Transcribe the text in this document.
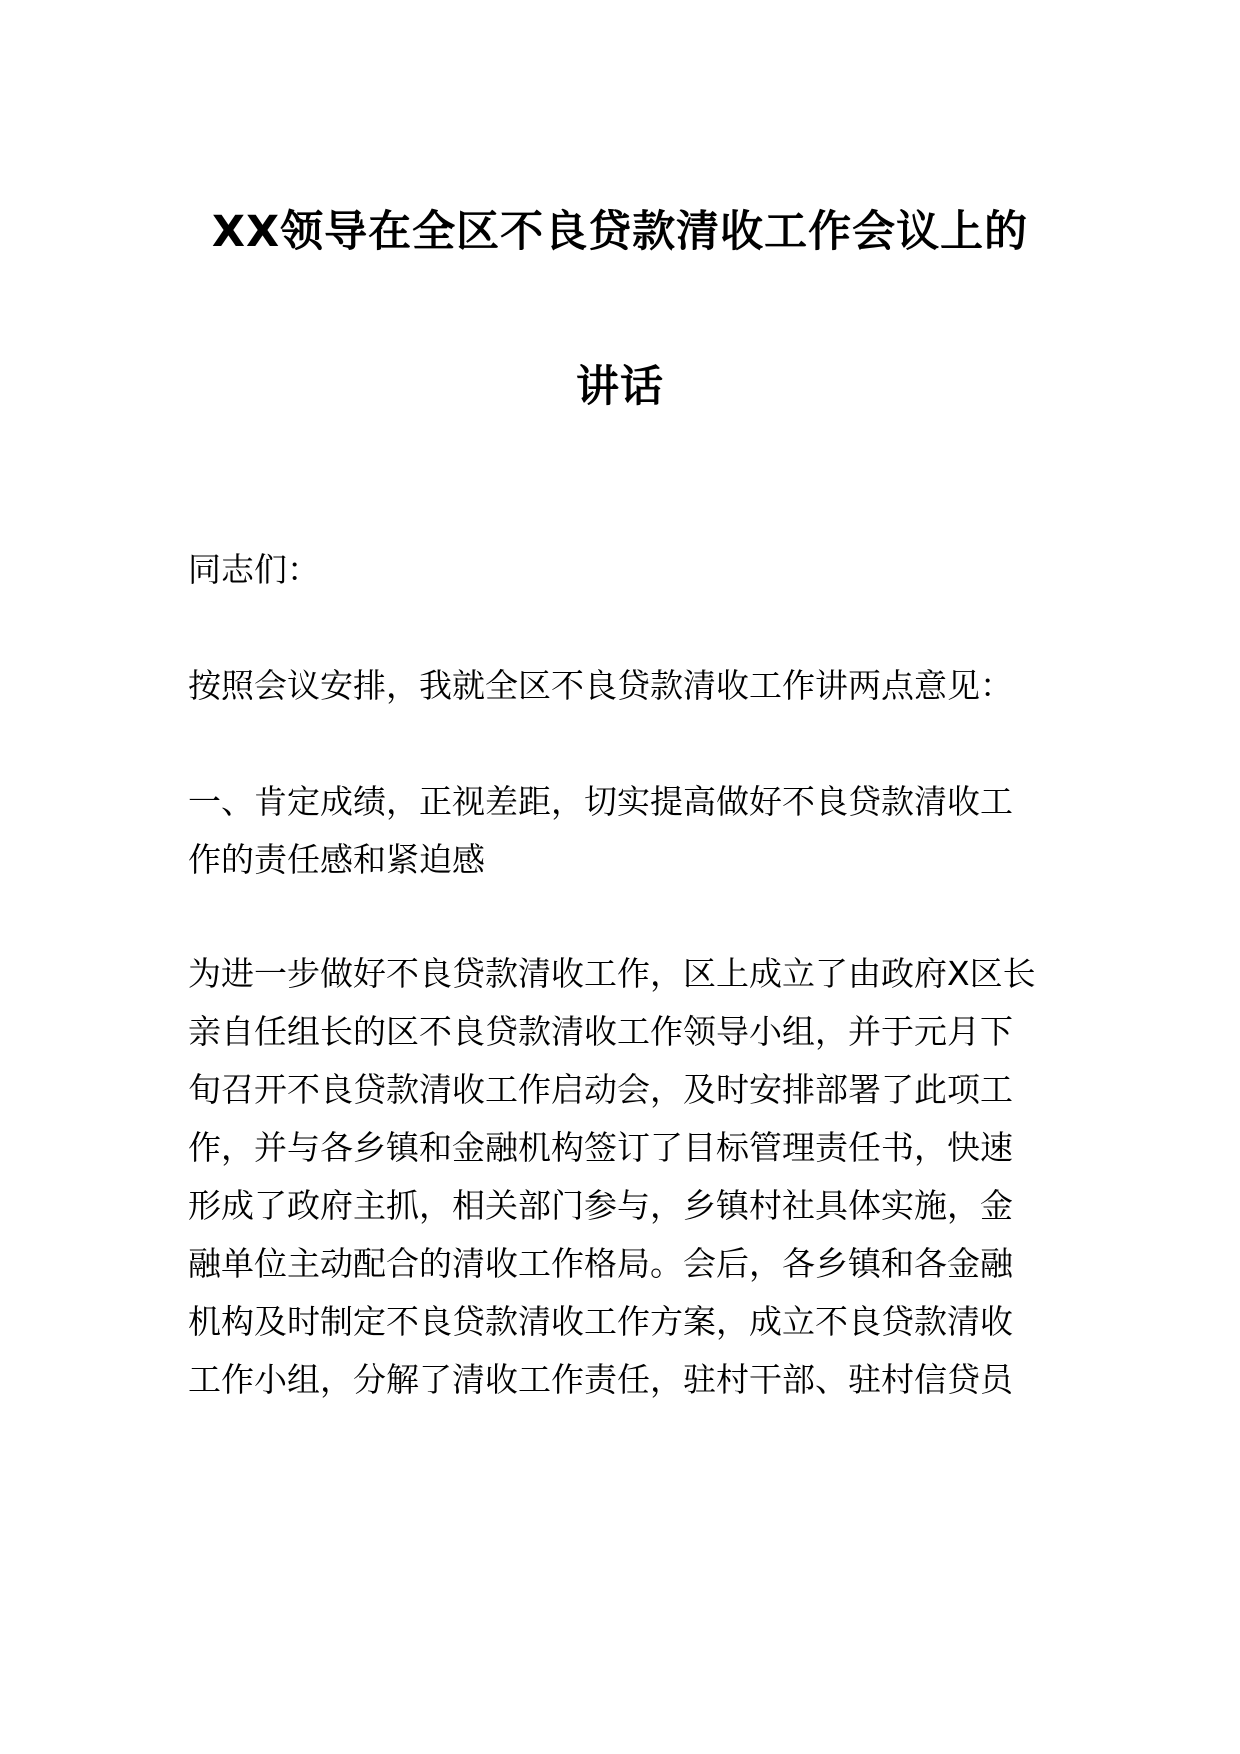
XX领导在全区不良贷款清收工作会议上的
讲话

同志们：

按照会议安排，我就全区不良贷款清收工作讲两点意见：

一、肯定成绩，正视差距，切实提高做好不良贷款清收工

作的责任感和紧迫感

为进一步做好不良贷款清收工作，区上成立了由政府X区长

亲自任组长的区不良贷款清收工作领导小组，并于元月下

旬召开不良贷款清收工作启动会，及时安排部署了此项工

作，并与各乡镇和金融机构签订了目标管理责任书，快速

形成了政府主抓，相关部门参与，乡镇村社具体实施，金

融单位主动配合的清收工作格局。会后，各乡镇和各金融

机构及时制定不良贷款清收工作方案，成立不良贷款清收

工作小组，分解了清收工作责任，驻村干部、驻村信贷员
